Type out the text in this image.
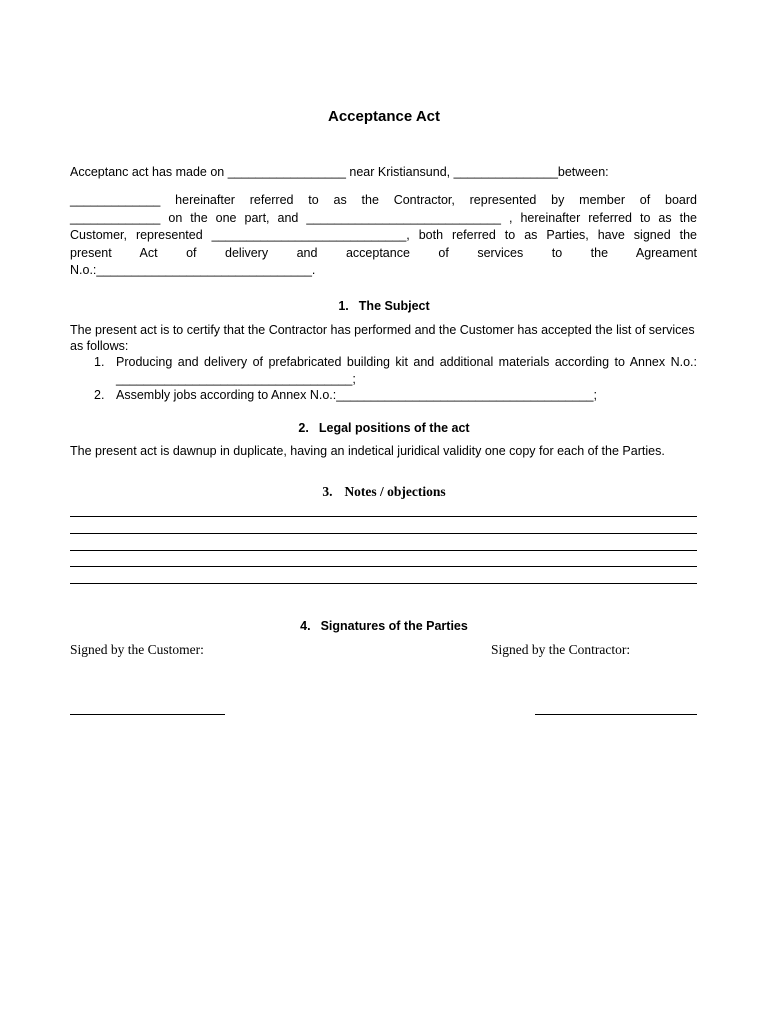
Acceptance Act
Acceptanc act has made on _________________ near Kristiansund, _______________between:
_____________ hereinafter referred to as the Contractor, represented by member of board
_____________ on the one part, and ____________________________ , hereinafter referred to as the
Customer, represented ____________________________, both referred to as Parties, have signed the
present Act of delivery and acceptance of services to the Agreament
N.o.:_______________________________.
1. The Subject
The present act is to certify that the Contractor has performed and the Customer has accepted the list of services as follows:
1. Producing and delivery of prefabricated building kit and additional materials according to Annex N.o.: __________________________________;
2. Assembly jobs according to Annex N.o.:_____________________________________;
2. Legal positions of the act
The present act is dawnup in duplicate, having an indetical juridical validity one copy for each of the Parties.
3. Notes / objections
4. Signatures of the Parties
Signed by the Customer:	Signed by the Contractor:
